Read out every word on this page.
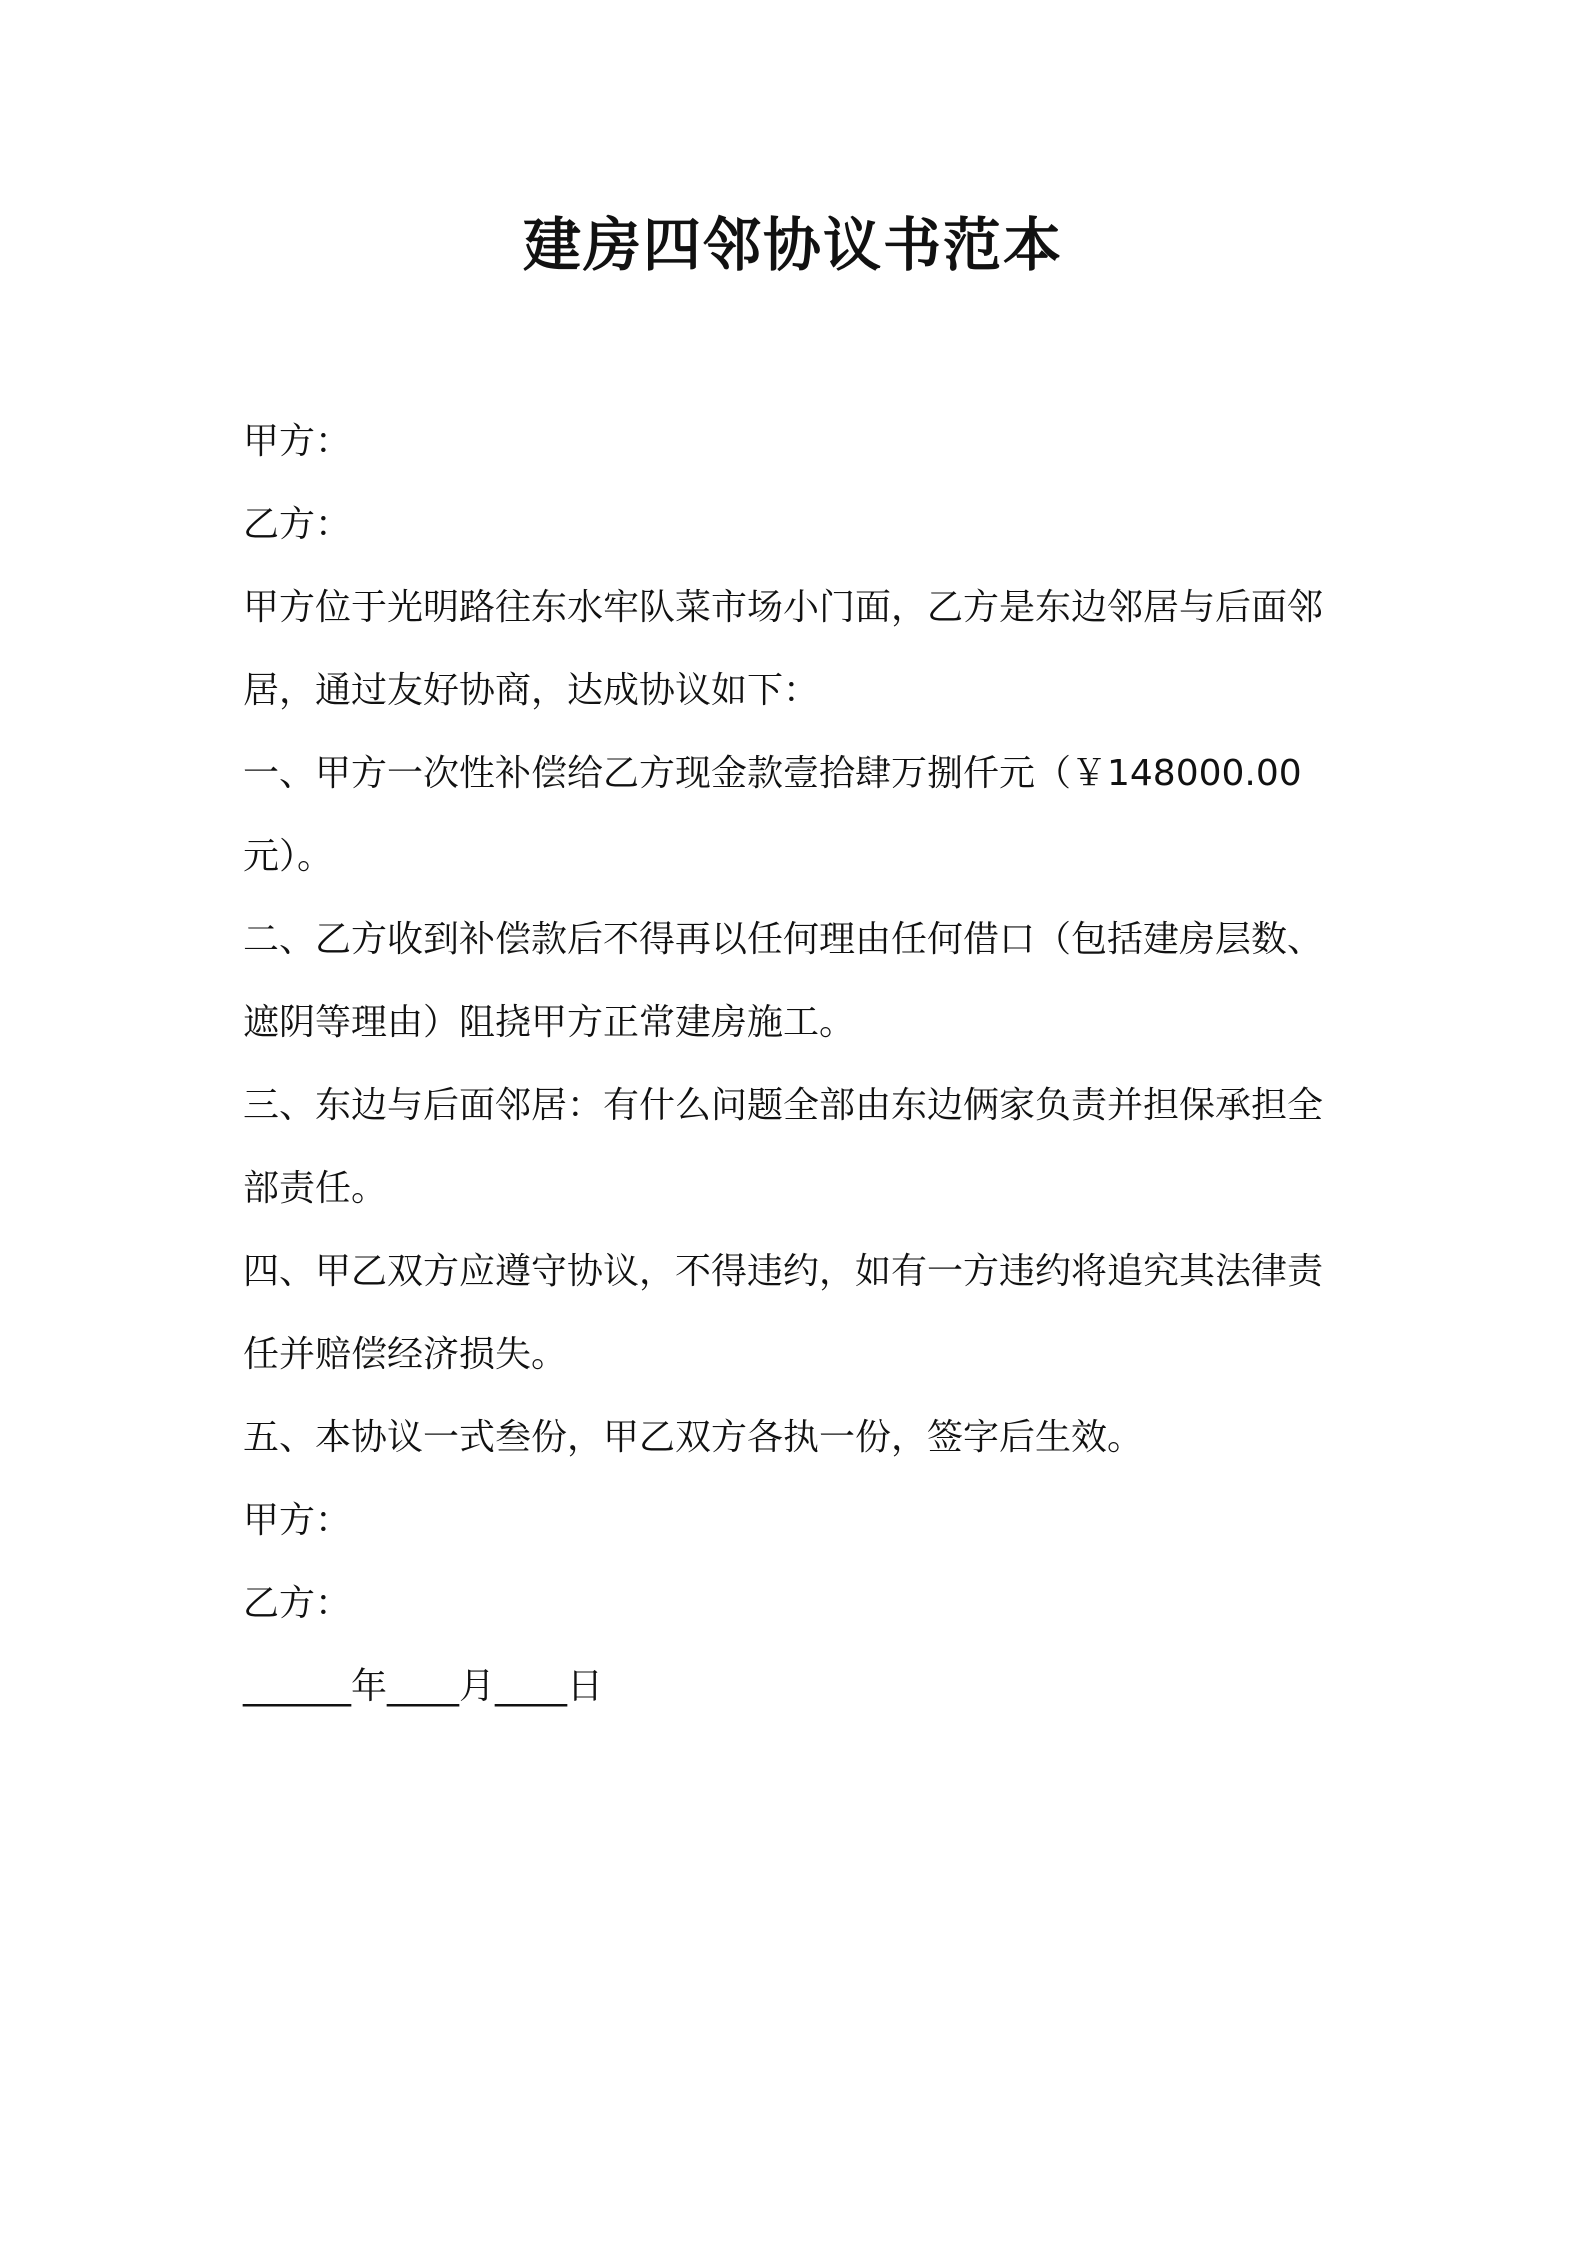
建房四邻协议书范本
甲方：
乙方：
甲方位于光明路往东水牢队菜市场小门面，乙方是东边邻居与后面邻居，通过友好协商，达成协议如下：
一、甲方一次性补偿给乙方现金款壹拾肆万捌仟元（￥148000.00元）。
二、乙方收到补偿款后不得再以任何理由任何借口（包括建房层数、遮阴等理由）阻挠甲方正常建房施工。
三、东边与后面邻居：有什么问题全部由东边俩家负责并担保承担全部责任。
四、甲乙双方应遵守协议，不得违约，如有一方违约将追究其法律责任并赔偿经济损失。
五、本协议一式叁份，甲乙双方各执一份，签字后生效。
甲方：
乙方：
______年____月____日
